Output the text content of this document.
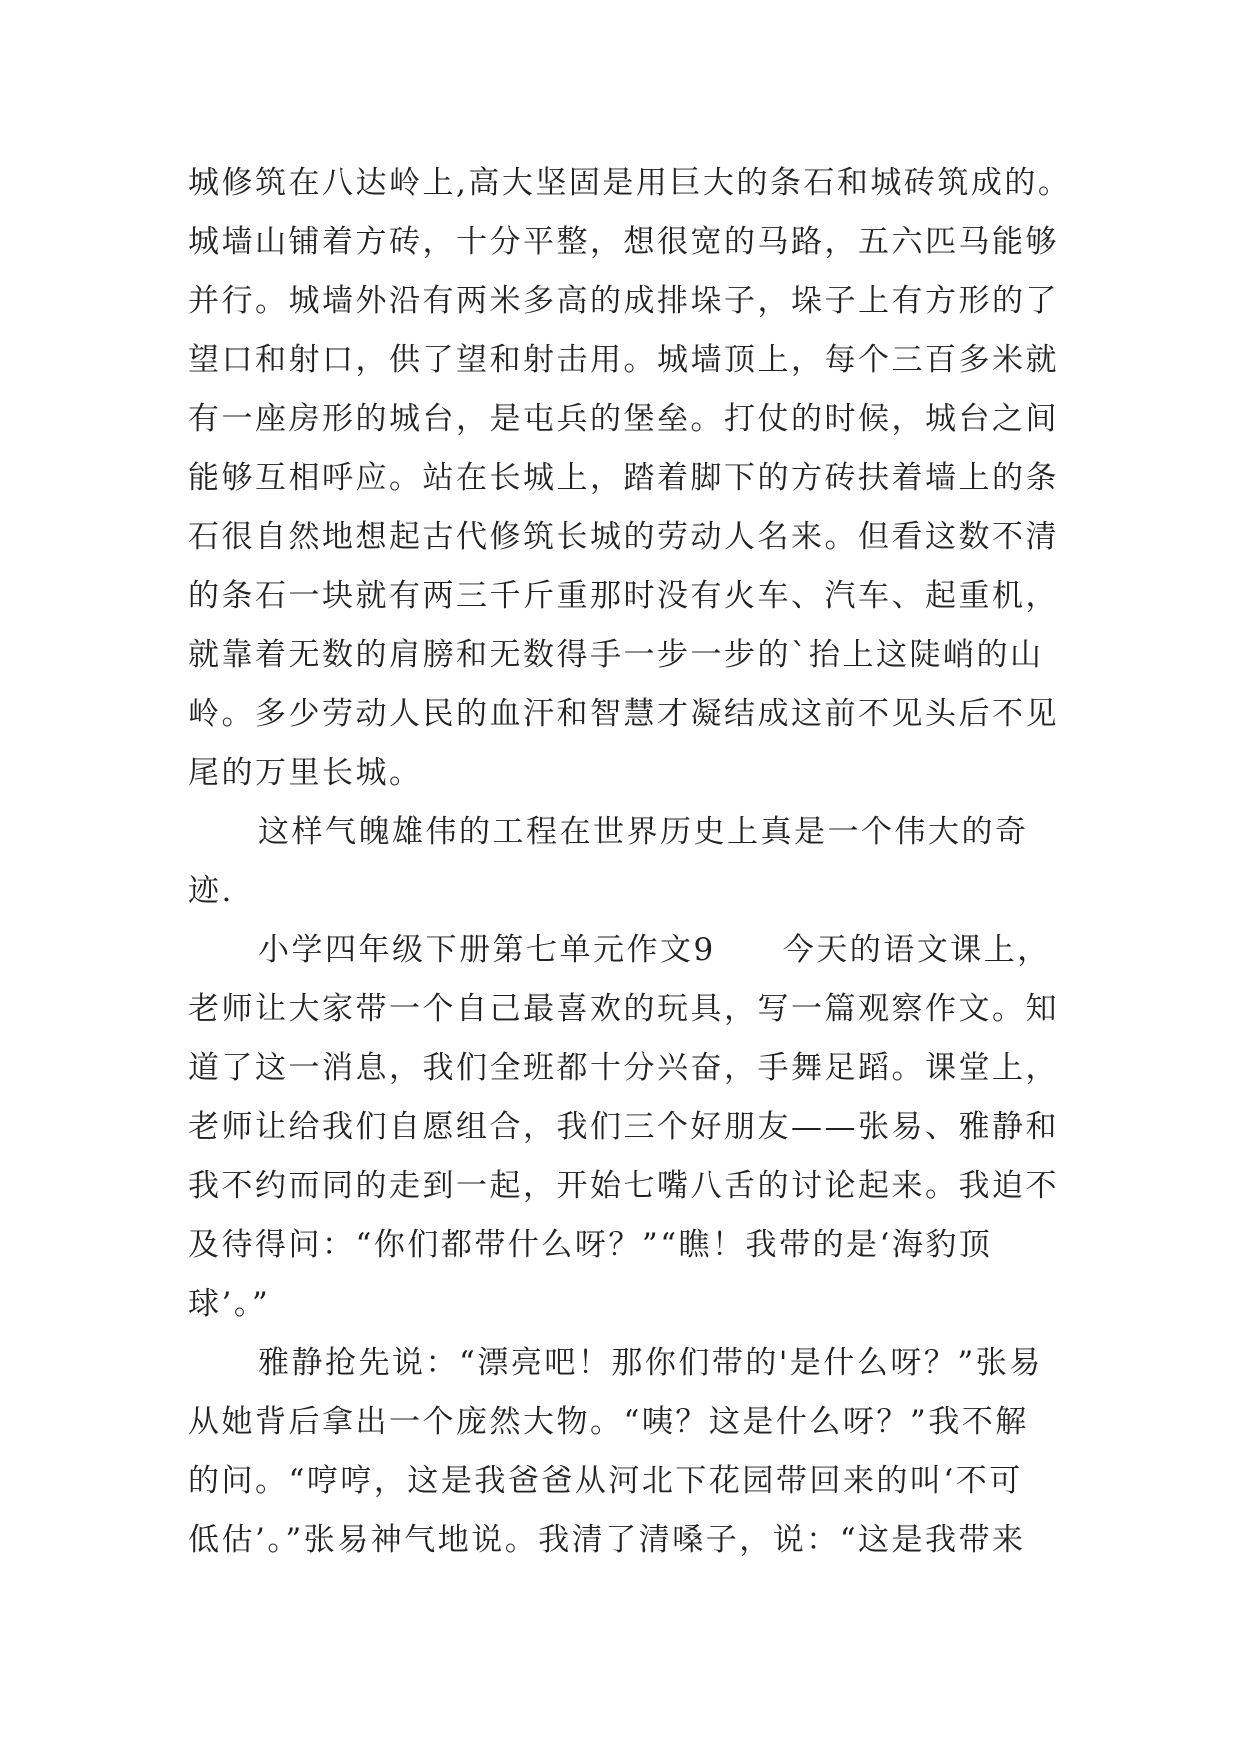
城修筑在八达岭上,高大坚固是用巨大的条石和城砖筑成的。
城墙山铺着方砖，十分平整，想很宽的马路，五六匹马能够
并行。城墙外沿有两米多高的成排垛子，垛子上有方形的了
望口和射口，供了望和射击用。城墙顶上，每个三百多米就
有一座房形的城台，是屯兵的堡垒。打仗的时候，城台之间
能够互相呼应。站在长城上，踏着脚下的方砖扶着墙上的条
石很自然地想起古代修筑长城的劳动人名来。但看这数不清
的条石一块就有两三千斤重那时没有火车、汽车、起重机，
就靠着无数的肩膀和无数得手一步一步的`抬上这陡峭的山
岭。多少劳动人民的血汗和智慧才凝结成这前不见头后不见
尾的万里长城。
这样气魄雄伟的工程在世界历史上真是一个伟大的奇
迹.
小学四年级下册第七单元作文9　　今天的语文课上，
老师让大家带一个自己最喜欢的玩具，写一篇观察作文。知
道了这一消息，我们全班都十分兴奋，手舞足蹈。课堂上，
老师让给我们自愿组合，我们三个好朋友——张易、雅静和
我不约而同的走到一起，开始七嘴八舌的讨论起来。我迫不
及待得问：“你们都带什么呀？”“瞧！我带的是‘海豹顶
球’。”
雅静抢先说：“漂亮吧！那你们带的'是什么呀？”张易
从她背后拿出一个庞然大物。“咦？这是什么呀？”我不解
的问。“哼哼，这是我爸爸从河北下花园带回来的叫‘不可
低估’。”张易神气地说。我清了清嗓子，说：“这是我带来
